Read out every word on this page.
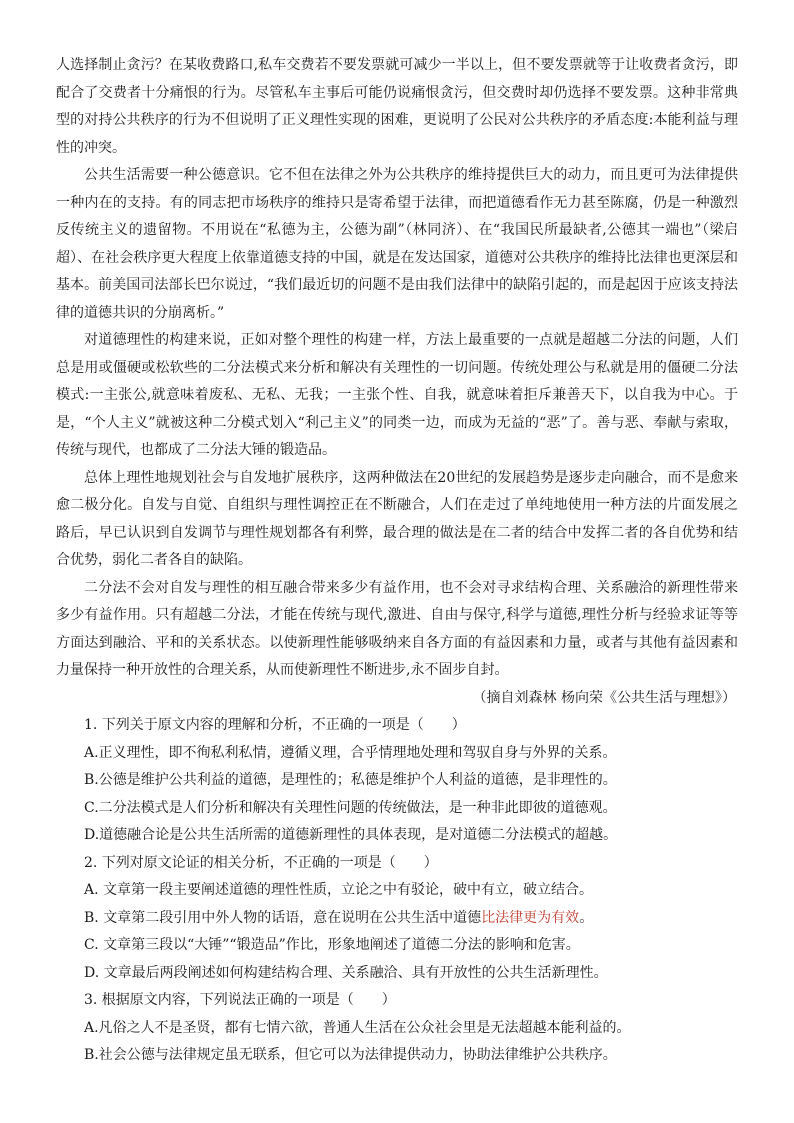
人选择制止贪污？在某收费路口,私车交费若不要发票就可减少一半以上，但不要发票就等于让收费者贪污，即配合了交费者十分痛恨的行为。尽管私车主事后可能仍说痛恨贪污，但交费时却仍选择不要发票。这种非常典型的对持公共秩序的行为不但说明了正义理性实现的困难，更说明了公民对公共秩序的矛盾态度:本能利益与理性的冲突。

公共生活需要一种公德意识。它不但在法律之外为公共秩序的维持提供巨大的动力，而且更可为法律提供一种内在的支持。有的同志把市场秩序的维持只是寄希望于法律，而把道德看作无力甚至陈腐，仍是一种激烈反传统主义的遗留物。不用说在“私德为主，公德为副”（林同济）、在“我国民所最缺者,公德其一端也”（梁启超）、在社会秩序更大程度上依靠道德支持的中国，就是在发达国家，道德对公共秩序的维持比法律也更深层和基本。前美国司法部长巴尔说过，“我们最近切的问题不是由我们法律中的缺陷引起的，而是起因于应该支持法律的道德共识的分崩离析。”

对道德理性的构建来说，正如对整个理性的构建一样，方法上最重要的一点就是超越二分法的问题，人们总是用或僵硬或松软些的二分法模式来分析和解决有关理性的一切问题。传统处理公与私就是用的僵硬二分法模式:一主张公,就意味着废私、无私、无我；一主张个性、自我，就意味着拒斥兼善天下，以自我为中心。于是，“个人主义”就被这种二分模式划入“利己主义”的同类一边，而成为无益的“恶”了。善与恶、奉献与索取，传统与现代，也都成了二分法大锤的锻造品。

总体上理性地规划社会与自发地扩展秩序，这两种做法在20世纪的发展趋势是逐步走向融合，而不是愈来愈二极分化。自发与自觉、自组织与理性调控正在不断融合，人们在走过了单纯地使用一种方法的片面发展之路后，早已认识到自发调节与理性规划都各有利弊，最合理的做法是在二者的结合中发挥二者的各自优势和结合优势，弱化二者各自的缺陷。

二分法不会对自发与理性的相互融合带来多少有益作用，也不会对寻求结构合理、关系融洽的新理性带来多少有益作用。只有超越二分法，才能在传统与现代,激进、自由与保守,科学与道德,理性分析与经验求证等等方面达到融洽、平和的关系状态。以使新理性能够吸纳来自各方面的有益因素和力量，或者与其他有益因素和力量保持一种开放性的合理关系，从而使新理性不断进步,永不固步自封。

（摘自刘森林 杨向荣《公共生活与理想》）

1. 下列关于原文内容的理解和分析，不正确的一项是（　　）

A.正义理性，即不徇私利私情，遵循义理，合乎情理地处理和驾驭自身与外界的关系。

B.公德是维护公共利益的道德，是理性的；私德是维护个人利益的道德，是非理性的。

C.二分法模式是人们分析和解决有关理性问题的传统做法，是一种非此即彼的道德观。

D.道德融合论是公共生活所需的道德新理性的具体表现，是对道德二分法模式的超越。

2. 下列对原文论证的相关分析，不正确的一项是（　　）

A. 文章第一段主要阐述道德的理性性质，立论之中有驳论，破中有立，破立结合。

B. 文章第二段引用中外人物的话语，意在说明在公共生活中道德比法律更为有效。

C. 文章第三段以“大锤”“锻造品”作比，形象地阐述了道德二分法的影响和危害。

D. 文章最后两段阐述如何构建结构合理、关系融洽、具有开放性的公共生活新理性。

3. 根据原文内容，下列说法正确的一项是（　　）

A.凡俗之人不是圣贤，都有七情六欲，普通人生活在公众社会里是无法超越本能利益的。

B.社会公德与法律规定虽无联系，但它可以为法律提供动力，协助法律维护公共秩序。
